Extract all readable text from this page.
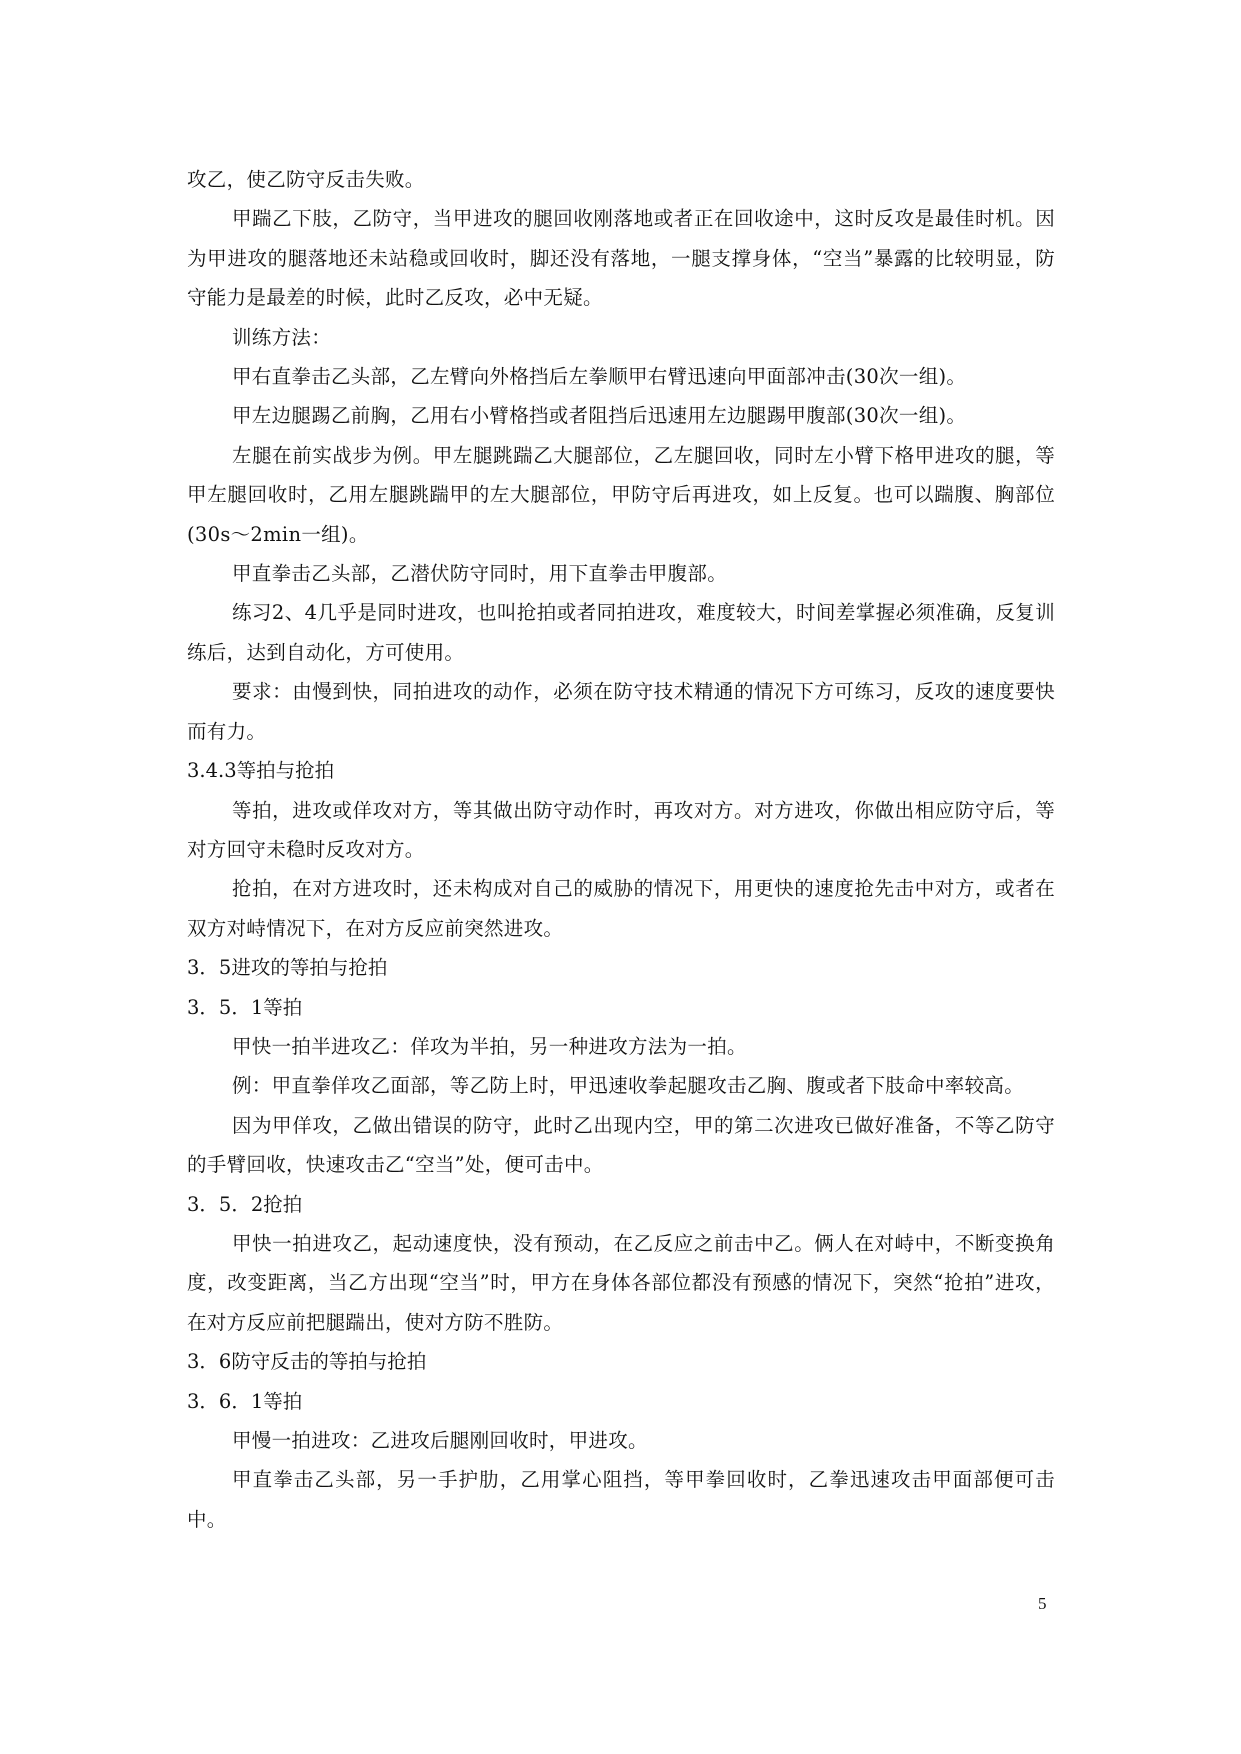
攻乙，使乙防守反击失败。

甲踹乙下肢，乙防守，当甲进攻的腿回收刚落地或者正在回收途中，这时反攻是最佳时机。因为甲进攻的腿落地还未站稳或回收时，脚还没有落地，一腿支撑身体，“空当”暴露的比较明显，防守能力是最差的时候，此时乙反攻，必中无疑。

训练方法：

甲右直拳击乙头部，乙左臂向外格挡后左拳顺甲右臂迅速向甲面部冲击(30次一组)。

甲左边腿踢乙前胸，乙用右小臂格挡或者阻挡后迅速用左边腿踢甲腹部(30次一组)。

左腿在前实战步为例。甲左腿跳踹乙大腿部位，乙左腿回收，同时左小臂下格甲进攻的腿，等甲左腿回收时，乙用左腿跳踹甲的左大腿部位，甲防守后再进攻，如上反复。也可以踹腹、胸部位(30s～2min一组)。

甲直拳击乙头部，乙潜伏防守同时，用下直拳击甲腹部。

练习2、4几乎是同时进攻，也叫抢拍或者同拍进攻，难度较大，时间差掌握必须准确，反复训练后，达到自动化，方可使用。

要求：由慢到快，同拍进攻的动作，必须在防守技术精通的情况下方可练习，反攻的速度要快而有力。

3.4.3等拍与抢拍

等拍，进攻或佯攻对方，等其做出防守动作时，再攻对方。对方进攻，你做出相应防守后，等对方回守未稳时反攻对方。

抢拍，在对方进攻时，还未构成对自己的威胁的情况下，用更快的速度抢先击中对方，或者在双方对峙情况下，在对方反应前突然进攻。

3．5进攻的等拍与抢拍

3．5．1等拍

甲快一拍半进攻乙：佯攻为半拍，另一种进攻方法为一拍。

例：甲直拳佯攻乙面部，等乙防上时，甲迅速收拳起腿攻击乙胸、腹或者下肢命中率较高。

因为甲佯攻，乙做出错误的防守，此时乙出现内空，甲的第二次进攻已做好准备，不等乙防守的手臂回收，快速攻击乙“空当”处，便可击中。

3．5．2抢拍

甲快一拍进攻乙，起动速度快，没有预动，在乙反应之前击中乙。俩人在对峙中，不断变换角度，改变距离，当乙方出现“空当”时，甲方在身体各部位都没有预感的情况下，突然“抢拍”进攻，在对方反应前把腿踹出，使对方防不胜防。

3．6防守反击的等拍与抢拍

3．6．1等拍

甲慢一拍进攻：乙进攻后腿刚回收时，甲进攻。

甲直拳击乙头部，另一手护肋，乙用掌心阻挡，等甲拳回收时，乙拳迅速攻击甲面部便可击中。

5
